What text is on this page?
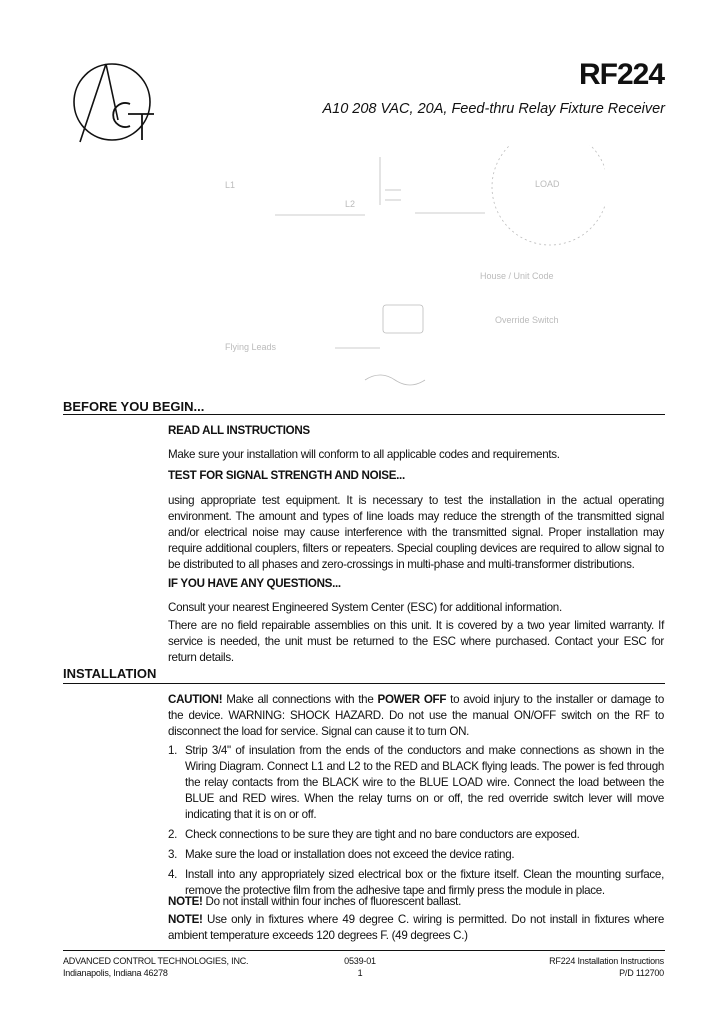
RF224
A10 208 VAC, 20A, Feed-thru Relay Fixture Receiver
L1
L2
LOAD
House / Unit Code
Override Switch
Flying Leads
BEFORE YOU BEGIN...
READ ALL INSTRUCTIONS
Make sure your installation will conform to all applicable codes and requirements.
TEST FOR SIGNAL STRENGTH AND NOISE...
using appropriate test equipment. It is necessary to test the installation in the actual operating environment. The amount and types of line loads may reduce the strength of the transmitted signal and/or electrical noise may cause interference with the transmitted signal. Proper installation may require additional couplers, filters or repeaters. Special coupling devices are required to allow signal to be distributed to all phases and zero-crossings in multi-phase and multi-transformer distributions.
IF YOU HAVE ANY QUESTIONS...
Consult your nearest Engineered System Center (ESC) for additional information.
There are no field repairable assemblies on this unit. It is covered by a two year limited warranty. If service is needed, the unit must be returned to the ESC where purchased. Contact your ESC for return details.
INSTALLATION
CAUTION! Make all connections with the POWER OFF to avoid injury to the installer or damage to the device. WARNING: SHOCK HAZARD. Do not use the manual ON/OFF switch on the RF to disconnect the load for service. Signal can cause it to turn ON.
1. Strip 3/4" of insulation from the ends of the conductors and make connections as shown in the Wiring Diagram. Connect L1 and L2 to the RED and BLACK flying leads. The power is fed through the relay contacts from the BLACK wire to the BLUE LOAD wire. Connect the load between the BLUE and RED wires. When the relay turns on or off, the red override switch lever will move indicating that it is on or off.
2. Check connections to be sure they are tight and no bare conductors are exposed.
3. Make sure the load or installation does not exceed the device rating.
4. Install into any appropriately sized electrical box or the fixture itself. Clean the mounting surface, remove the protective film from the adhesive tape and firmly press the module in place.
NOTE! Do not install within four inches of fluorescent ballast.
NOTE! Use only in fixtures where 49 degree C. wiring is permitted. Do not install in fixtures where ambient temperature exceeds 120 degrees F. (49 degrees C.)
ADVANCED CONTROL TECHNOLOGIES, INC.
Indianapolis, Indiana 46278
0539-01
1
RF224 Installation Instructions
P/D 112700
